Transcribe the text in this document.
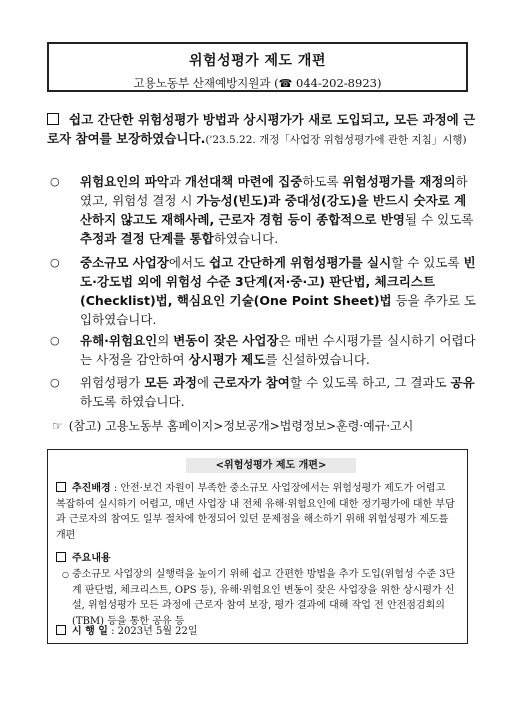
위험성평가 제도 개편
고용노동부 산재예방지원과 (☎ 044-202-8923)
쉽고 간단한 위험성평가 방법과 상시평가가 새로 도입되고, 모든 과정에 근로자 참여를 보장하였습니다.('23.5.22. 개정「사업장 위험성평가에 관한 지침」시행)
○	위험요인의 파악과 개선대책 마련에 집중하도록 위험성평가를 재정의하였고, 위험성 결정 시 가능성(빈도)과 중대성(강도)을 반드시 숫자로 계산하지 않고도 재해사례, 근로자 경험 등이 종합적으로 반영될 수 있도록 추정과 결정 단계를 통합하였습니다.
○	중소규모 사업장에서도 쉽고 간단하게 위험성평가를 실시할 수 있도록 빈도·강도법 외에 위험성 수준 3단계(저·중·고) 판단법, 체크리스트(Checklist)법, 핵심요인 기술(One Point Sheet)법 등을 추가로 도입하였습니다.
○	유해·위험요인의 변동이 잦은 사업장은 매번 수시평가를 실시하기 어렵다는 사정을 감안하여 상시평가 제도를 신설하였습니다.
○	위험성평가 모든 과정에 근로자가 참여할 수 있도록 하고, 그 결과도 공유하도록 하였습니다.
☞ (참고) 고용노동부 홈페이지>정보공개>법령정보>훈령·예규·고시
<위험성평가 제도 개편>
추진배경 : 안전·보건 자원이 부족한 중소규모 사업장에서는 위험성평가 제도가 어렵고 복잡하여 실시하기 어렵고, 매년 사업장 내 전체 유해·위험요인에 대한 정기평가에 대한 부담과 근로자의 참여도 일부 절차에 한정되어 있던 문제점을 해소하기 위해 위험성평가 제도를 개편
주요내용
○ 중소규모 사업장의 실행력을 높이기 위해 쉽고 간편한 방법을 추가 도입(위험성 수준 3단계 판단법, 체크리스트, OPS 등), 유해·위험요인 변동이 잦은 사업장을 위한 상시평가 신설, 위험성평가 모든 과정에 근로자 참여 보장, 평가 결과에 대해 작업 전 안전점검회의(TBM) 등을 통한 공유 등
시 행 일 : 2023년 5월 22일
